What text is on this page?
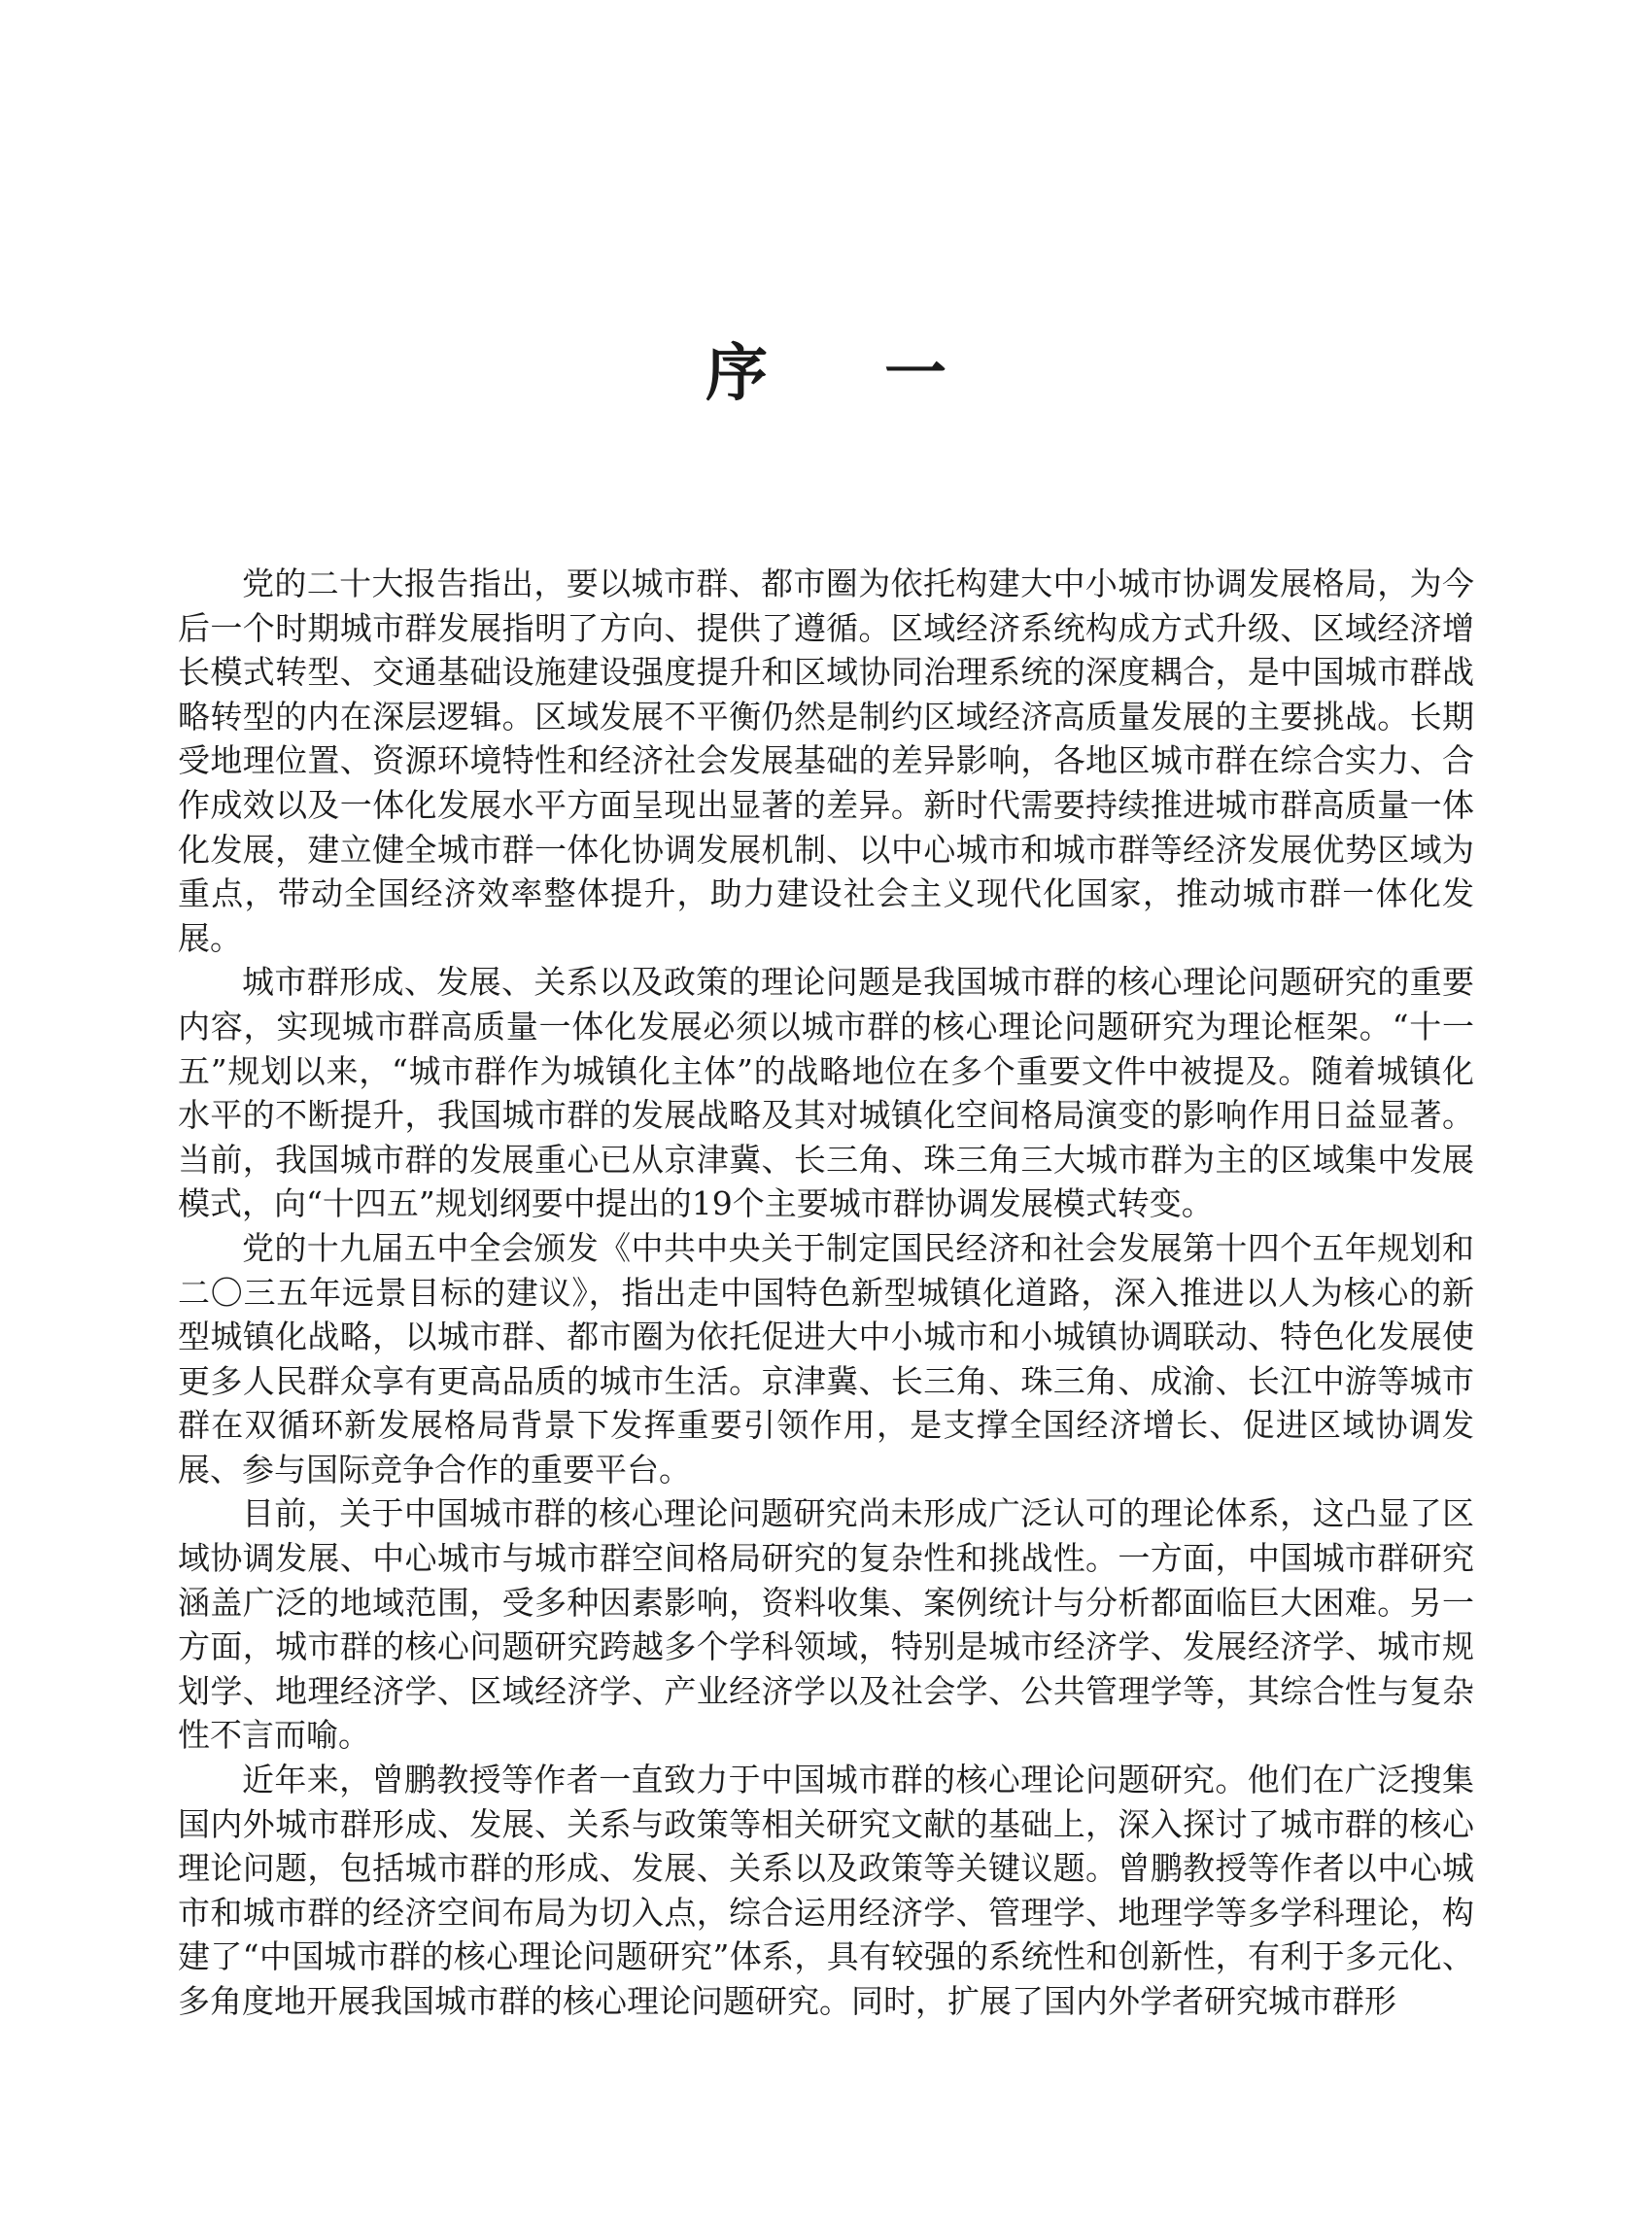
序 一

党的二十大报告指出，要以城市群、都市圈为依托构建大中小城市协调发展格局，为今后一个时期城市群发展指明了方向、提供了遵循。区域经济系统构成方式升级、区域经济增长模式转型、交通基础设施建设强度提升和区域协同治理系统的深度耦合，是中国城市群战略转型的内在深层逻辑。区域发展不平衡仍然是制约区域经济高质量发展的主要挑战。长期受地理位置、资源环境特性和经济社会发展基础的差异影响，各地区城市群在综合实力、合作成效以及一体化发展水平方面呈现出显著的差异。新时代需要持续推进城市群高质量一体化发展，建立健全城市群一体化协调发展机制、以中心城市和城市群等经济发展优势区域为重点，带动全国经济效率整体提升，助力建设社会主义现代化国家，推动城市群一体化发展。

城市群形成、发展、关系以及政策的理论问题是我国城市群的核心理论问题研究的重要内容，实现城市群高质量一体化发展必须以城市群的核心理论问题研究为理论框架。“十一五”规划以来，“城市群作为城镇化主体”的战略地位在多个重要文件中被提及。随着城镇化水平的不断提升，我国城市群的发展战略及其对城镇化空间格局演变的影响作用日益显著。当前，我国城市群的发展重心已从京津冀、长三角、珠三角三大城市群为主的区域集中发展模式，向“十四五”规划纲要中提出的19个主要城市群协调发展模式转变。

党的十九届五中全会颁发《中共中央关于制定国民经济和社会发展第十四个五年规划和二〇三五年远景目标的建议》，指出走中国特色新型城镇化道路，深入推进以人为核心的新型城镇化战略，以城市群、都市圈为依托促进大中小城市和小城镇协调联动、特色化发展使更多人民群众享有更高品质的城市生活。京津冀、长三角、珠三角、成渝、长江中游等城市群在双循环新发展格局背景下发挥重要引领作用，是支撑全国经济增长、促进区域协调发展、参与国际竞争合作的重要平台。

目前，关于中国城市群的核心理论问题研究尚未形成广泛认可的理论体系，这凸显了区域协调发展、中心城市与城市群空间格局研究的复杂性和挑战性。一方面，中国城市群研究涵盖广泛的地域范围，受多种因素影响，资料收集、案例统计与分析都面临巨大困难。另一方面，城市群的核心问题研究跨越多个学科领域，特别是城市经济学、发展经济学、城市规划学、地理经济学、区域经济学、产业经济学以及社会学、公共管理学等，其综合性与复杂性不言而喻。

近年来，曾鹏教授等作者一直致力于中国城市群的核心理论问题研究。他们在广泛搜集国内外城市群形成、发展、关系与政策等相关研究文献的基础上，深入探讨了城市群的核心理论问题，包括城市群的形成、发展、关系以及政策等关键议题。曾鹏教授等作者以中心城市和城市群的经济空间布局为切入点，综合运用经济学、管理学、地理学等多学科理论，构建了“中国城市群的核心理论问题研究”体系，具有较强的系统性和创新性，有利于多元化、多角度地开展我国城市群的核心理论问题研究。同时，扩展了国内外学者研究城市群形
